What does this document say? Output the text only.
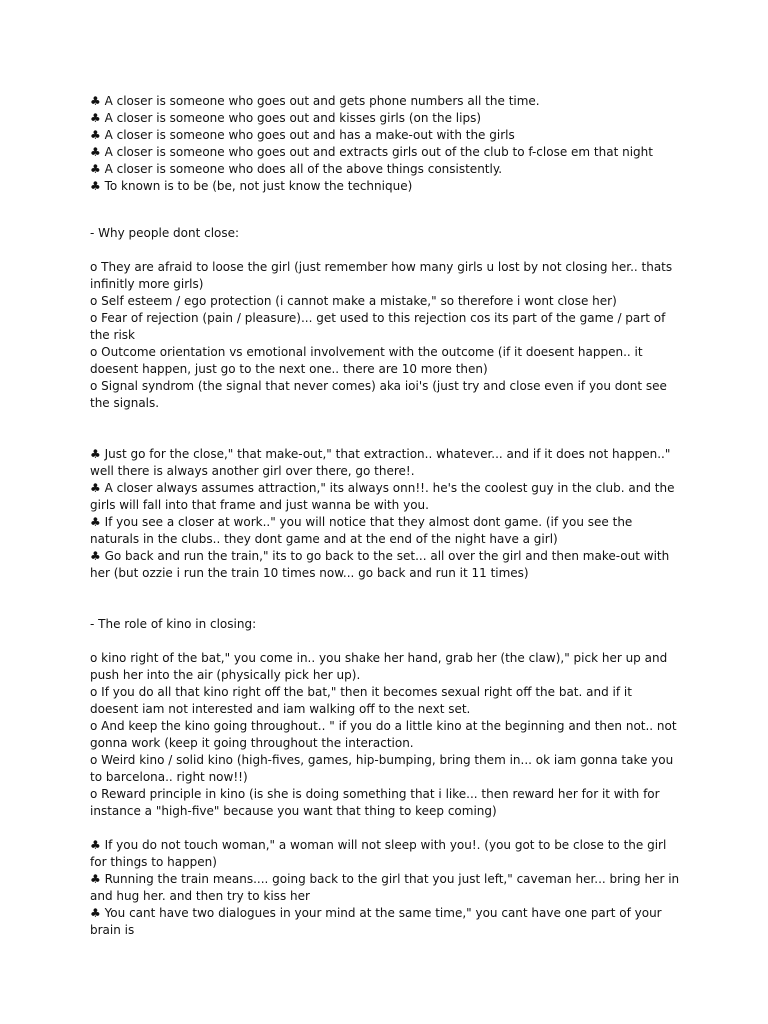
♣ A closer is someone who goes out and gets phone numbers all the time.
♣ A closer is someone who goes out and kisses girls (on the lips)
♣ A closer is someone who goes out and has a make-out with the girls
♣ A closer is someone who goes out and extracts girls out of the club to f-close em that night
♣ A closer is someone who does all of the above things consistently.
♣ To known is to be (be, not just know the technique)
- Why people dont close:
o They are afraid to loose the girl (just remember how many girls u lost by not closing her.. thats infinitly more girls)
o Self esteem / ego protection (i cannot make a mistake," so therefore i wont close her)
o Fear of rejection (pain / pleasure)... get used to this rejection cos its part of the game / part of the risk
o Outcome orientation vs emotional involvement with the outcome (if it doesent happen.. it doesent happen, just go to the next one.. there are 10 more then)
o Signal syndrom (the signal that never comes) aka ioi's (just try and close even if you dont see the signals.
♣ Just go for the close," that make-out," that extraction.. whatever... and if it does not happen.." well there is always another girl over there, go there!.
♣ A closer always assumes attraction," its always onn!!. he's the coolest guy in the club. and the girls will fall into that frame and just wanna be with you.
♣ If you see a closer at work.." you will notice that they almost dont game. (if you see the naturals in the clubs.. they dont game and at the end of the night have a girl)
♣ Go back and run the train," its to go back to the set... all over the girl and then make-out with her (but ozzie i run the train 10 times now... go back and run it 11 times)
- The role of kino in closing:
o kino right of the bat," you come in.. you shake her hand, grab her (the claw)," pick her up and push her into the air (physically pick her up).
o If you do all that kino right off the bat," then it becomes sexual right off the bat. and if it doesent iam not interested and iam walking off to the next set.
o And keep the kino going throughout.. " if you do a little kino at the beginning and then not.. not gonna work (keep it going throughout the interaction.
o Weird kino / solid kino (high-fives, games, hip-bumping, bring them in... ok iam gonna take you to barcelona.. right now!!)
o Reward principle in kino (is she is doing something that i like... then reward her for it with for instance a "high-five" because you want that thing to keep coming)
♣ If you do not touch woman," a woman will not sleep with you!. (you got to be close to the girl for things to happen)
♣ Running the train means.... going back to the girl that you just left," caveman her... bring her in and hug her. and then try to kiss her
♣ You cant have two dialogues in your mind at the same time," you cant have one part of your brain is
